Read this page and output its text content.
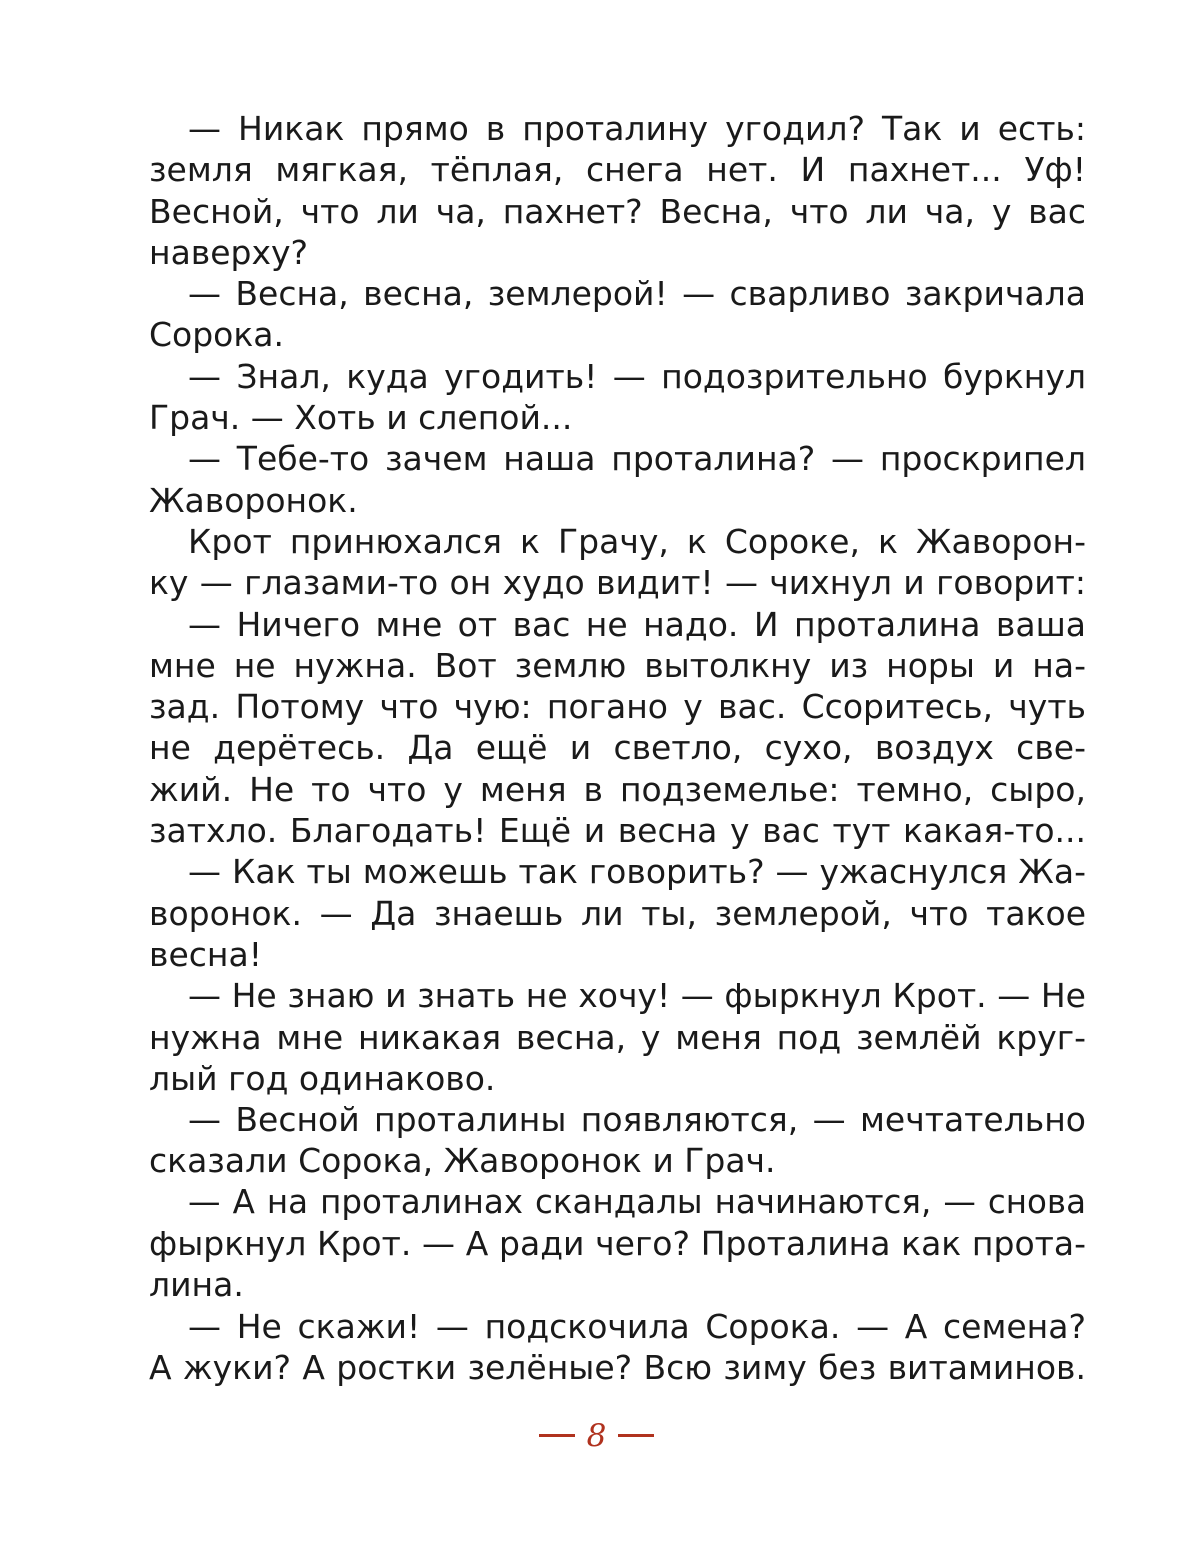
— Никак прямо в проталину угодил? Так и есть:
земля мягкая, тёплая, снега нет. И пахнет... Уф!
Весной, что ли ча, пахнет? Весна, что ли ча, у вас
наверху?
— Весна, весна, землерой! — сварливо закричала
Сорока.
— Знал, куда угодить! — подозрительно буркнул
Грач. — Хоть и слепой...
— Тебе-то зачем наша проталина? — проскрипел
Жаворонок.
Крот принюхался к Грачу, к Сороке, к Жаворон-
ку — глазами-то он худо видит! — чихнул и говорит:
— Ничего мне от вас не надо. И проталина ваша
мне не нужна. Вот землю вытолкну из норы и на-
зад. Потому что чую: погано у вас. Ссоритесь, чуть
не дерётесь. Да ещё и светло, сухо, воздух све-
жий. Не то что у меня в подземелье: темно, сыро,
затхло. Благодать! Ещё и весна у вас тут какая-то...
— Как ты можешь так говорить? — ужаснулся Жа-
воронок. — Да знаешь ли ты, землерой, что такое
весна!
— Не знаю и знать не хочу! — фыркнул Крот. — Не
нужна мне никакая весна, у меня под землёй круг-
лый год одинаково.
— Весной проталины появляются, — мечтательно
сказали Сорока, Жаворонок и Грач.
— А на проталинах скандалы начинаются, — снова
фыркнул Крот. — А ради чего? Проталина как прота-
лина.
— Не скажи! — подскочила Сорока. — А семена?
А жуки? А ростки зелёные? Всю зиму без витаминов.
8
